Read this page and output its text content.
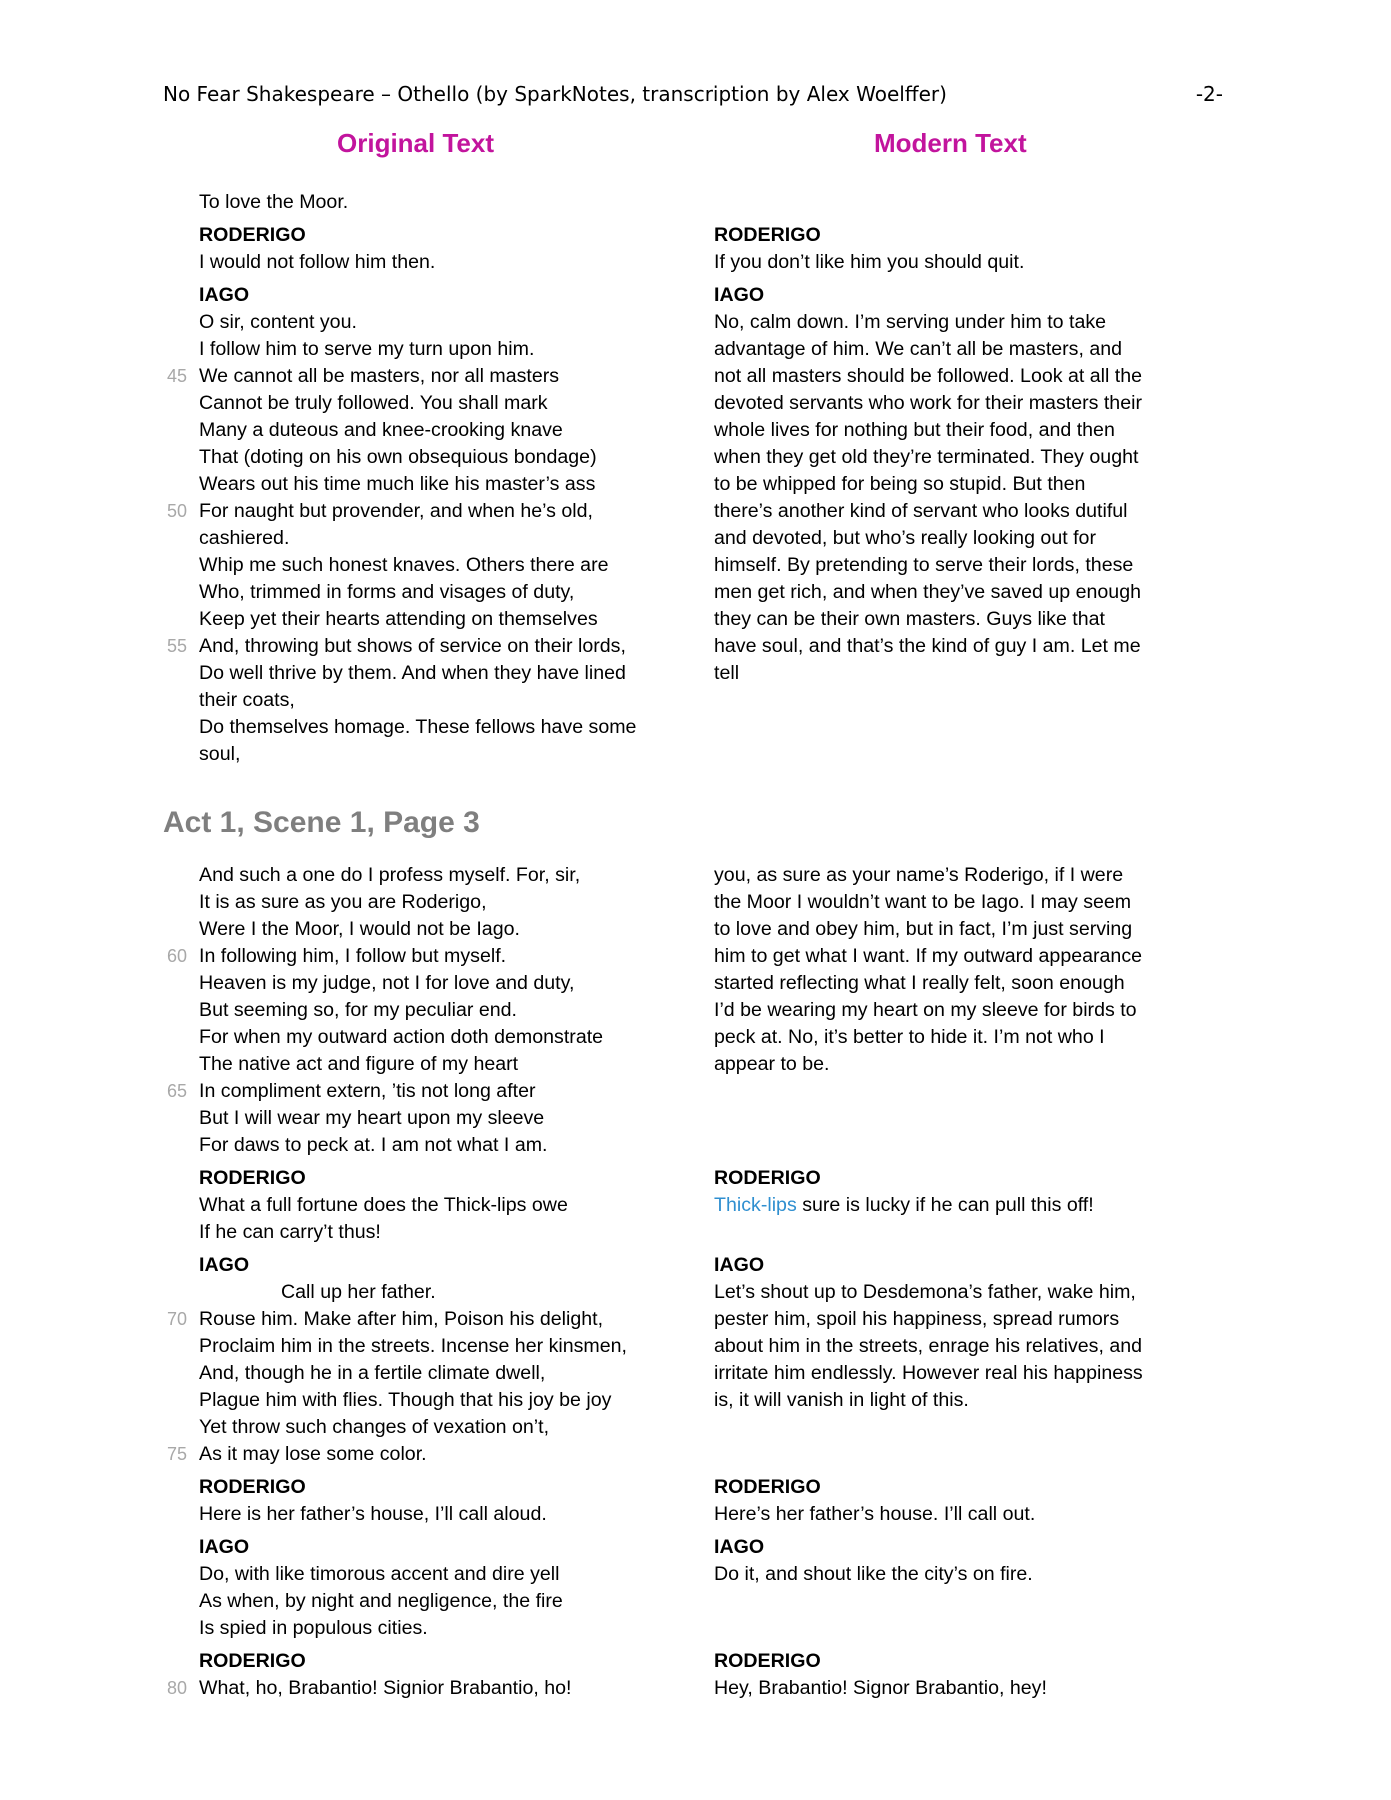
No Fear Shakespeare – Othello (by SparkNotes, transcription by Alex Woelffer)	-2-
Original Text	Modern Text
To love the Moor.
RODERIGO
I would not follow him then.
IAGO
O sir, content you.
I follow him to serve my turn upon him.
45 We cannot all be masters, nor all masters
Cannot be truly followed. You shall mark
Many a duteous and knee-crooking knave
That (doting on his own obsequious bondage)
Wears out his time much like his master’s ass
50 For naught but provender, and when he’s old,
cashiered.
Whip me such honest knaves. Others there are
Who, trimmed in forms and visages of duty,
Keep yet their hearts attending on themselves
55 And, throwing but shows of service on their lords,
Do well thrive by them. And when they have lined
their coats,
Do themselves homage. These fellows have some
soul,
RODERIGO
If you don’t like him you should quit.
IAGO
No, calm down. I’m serving under him to take
advantage of him. We can’t all be masters, and
not all masters should be followed. Look at all the
devoted servants who work for their masters their
whole lives for nothing but their food, and then
when they get old they’re terminated. They ought
to be whipped for being so stupid. But then
there’s another kind of servant who looks dutiful
and devoted, but who’s really looking out for
himself. By pretending to serve their lords, these
men get rich, and when they’ve saved up enough
they can be their own masters. Guys like that
have soul, and that’s the kind of guy I am. Let me
tell
Act 1, Scene 1, Page 3
And such a one do I profess myself. For, sir,
It is as sure as you are Roderigo,
Were I the Moor, I would not be Iago.
60 In following him, I follow but myself.
Heaven is my judge, not I for love and duty,
But seeming so, for my peculiar end.
For when my outward action doth demonstrate
The native act and figure of my heart
65 In compliment extern, ’tis not long after
But I will wear my heart upon my sleeve
For daws to peck at. I am not what I am.
RODERIGO
What a full fortune does the Thick-lips owe
If he can carry’t thus!
IAGO
Call up her father.
70 Rouse him. Make after him, Poison his delight,
Proclaim him in the streets. Incense her kinsmen,
And, though he in a fertile climate dwell,
Plague him with flies. Though that his joy be joy
Yet throw such changes of vexation on’t,
75 As it may lose some color.
RODERIGO
Here is her father’s house, I’ll call aloud.
IAGO
Do, with like timorous accent and dire yell
As when, by night and negligence, the fire
Is spied in populous cities.
RODERIGO
80 What, ho, Brabantio! Signior Brabantio, ho!
you, as sure as your name’s Roderigo, if I were
the Moor I wouldn’t want to be Iago. I may seem
to love and obey him, but in fact, I’m just serving
him to get what I want. If my outward appearance
started reflecting what I really felt, soon enough
I’d be wearing my heart on my sleeve for birds to
peck at. No, it’s better to hide it. I’m not who I
appear to be.
RODERIGO
Thick-lips sure is lucky if he can pull this off!
IAGO
Let’s shout up to Desdemona’s father, wake him,
pester him, spoil his happiness, spread rumors
about him in the streets, enrage his relatives, and
irritate him endlessly. However real his happiness
is, it will vanish in light of this.
RODERIGO
Here’s her father’s house. I’ll call out.
IAGO
Do it, and shout like the city’s on fire.
RODERIGO
Hey, Brabantio! Signor Brabantio, hey!
